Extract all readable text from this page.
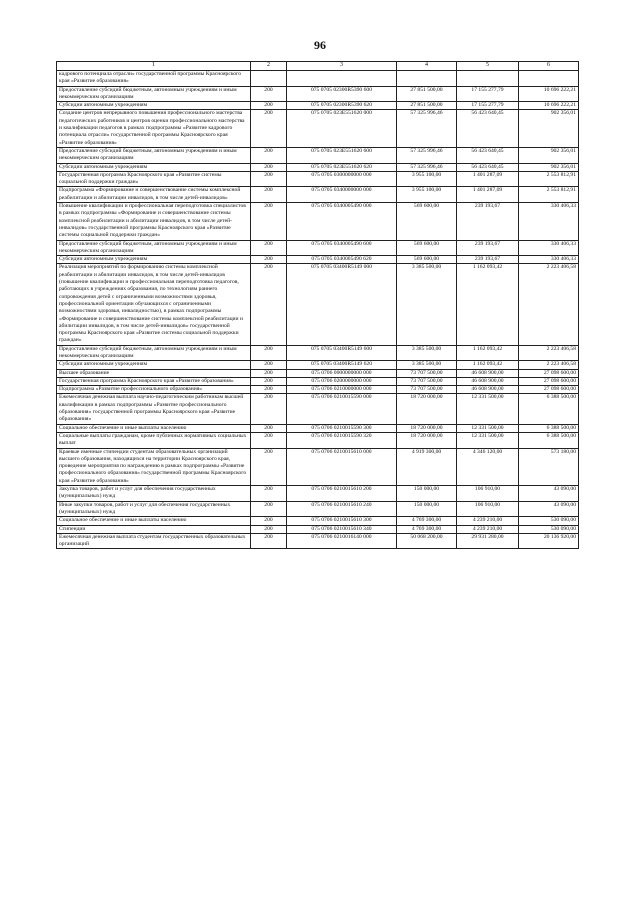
96
1	2	3	4	5	6
кадрового потенциала отрасли» государственной программы Красноярского края «Развитие образования»					
Предоставление субсидий бюджетным, автономным учреждениям и иным некоммерческим организациям	200	075 0705 02300R5390 600	27 851 500,00	17 155 277,79	10 696 222,21
Субсидии автономным учреждениям	200	075 0705 02300R5390 620	27 851 500,00	17 155 277,79	10 696 222,21
Создание центров непрерывного повышения профессионального мастерства педагогических работников и центров оценки профессионального мастерства и квалификации педагогов в рамках подпрограммы «Развитие кадрового потенциала отрасли» государственной программы Красноярского края «Развитие образования»	200	075 0705 023E551620 000	57 325 996,46	56 423 640,45	902 356,01
Предоставление субсидий бюджетным, автономным учреждениям и иным некоммерческим организациям	200	075 0705 023E551620 600	57 325 996,46	56 423 640,45	902 356,01
Субсидии автономным учреждениям	200	075 0705 023E551620 620	57 325 996,46	56 423 640,45	902 356,01
Государственная программа Красноярского края «Развитие системы социальной поддержки граждан»	200	075 0705 0300000000 000	3 955 100,00	1 401 287,09	2 553 812,91
Подпрограмма «Формирование и совершенствование системы комплексной реабилитации и абилитации инвалидов, в том числе детей-инвалидов»	200	075 0705 0340000000 000	3 955 100,00	1 401 287,09	2 553 812,91
Повышение квалификации и профессиональная переподготовка специалистов в рамках подпрограммы «Формирование и совершенствование системы комплексной реабилитации и абилитации инвалидов, в том числе детей-инвалидов» государственной программы Красноярского края «Развитие системы социальной поддержки граждан»	200	075 0705 0340005490 000	569 600,00	239 193,67	330 406,33
Предоставление субсидий бюджетным, автономным учреждениям и иным некоммерческим организациям	200	075 0705 0340005490 600	569 600,00	239 193,67	330 406,33
Субсидии автономным учреждениям	200	075 0705 0340005490 620	569 600,00	239 193,67	330 406,33
Реализация мероприятий по формированию системы комплексной реабилитации и абилитации инвалидов, в том числе детей-инвалидов (повышение квалификации и профессиональная переподготовка педагогов, работающих в учреждениях образования, по технологиям раннего сопровождения детей с ограниченными возможностями здоровья, профессиональной ориентации обучающихся с ограниченными возможностями здоровья, инвалидностью), в рамках подпрограммы «Формирование и совершенствование системы комплексной реабилитации и абилитации инвалидов, в том числе детей-инвалидов» государственной программы Красноярского края «Развитие системы социальной поддержки граждан»	200	075 0705 03400R5149 000	3 385 500,00	1 162 093,42	2 223 406,58
Предоставление субсидий бюджетным, автономным учреждениям и иным некоммерческим организациям	200	075 0705 03400R5149 600	3 385 500,00	1 162 093,42	2 223 406,58
Субсидии автономным учреждениям	200	075 0705 03400R5149 620	3 385 500,00	1 162 093,42	2 223 406,58
Высшее образование	200	075 0706 0000000000 000	73 707 500,00	46 608 900,00	27 098 600,00
Государственная программа Красноярского края «Развитие образования»	200	075 0706 0200000000 000	73 707 500,00	46 608 900,00	27 098 600,00
Подпрограмма «Развитие профессионального образования»	200	075 0706 0210000000 000	73 707 500,00	46 608 900,00	27 098 600,00
Ежемесячная денежная выплата научно-педагогическим работникам высшей квалификации в рамках подпрограммы «Развитие профессионального образования» государственной программы Красноярского края «Развитие образования»	200	075 0706 0210015590 000	18 720 000,00	12 331 500,00	6 388 500,00
Социальное обеспечение и иные выплаты населению	200	075 0706 0210015590 300	18 720 000,00	12 331 500,00	6 388 500,00
Социальные выплаты гражданам, кроме публичных нормативных социальных выплат	200	075 0706 0210015590 320	18 720 000,00	12 331 500,00	6 388 500,00
Краевые именные стипендии студентам образовательных организаций высшего образования, находящихся на территории Красноярского края, проведение мероприятия по награждению в рамках подпрограммы «Развитие профессионального образования» государственной программы Красноярского края «Развитие образования»	200	075 0706 0210015610 000	4 919 300,00	4 346 120,00	573 180,00
Закупка товаров, работ и услуг для обеспечения государственных (муниципальных) нужд	200	075 0706 0210015610 200	150 000,00	106 910,00	43 090,00
Иные закупки товаров, работ и услуг для обеспечения государственных (муниципальных) нужд	200	075 0706 0210015610 240	150 000,00	106 910,00	43 090,00
Социальное обеспечение и иные выплаты населению	200	075 0706 0210015610 300	4 769 300,00	4 239 210,00	530 090,00
Стипендии	200	075 0706 0210015610 340	4 769 300,00	4 239 210,00	530 090,00
Ежемесячная денежная выплата студентам государственных образовательных организаций	200	075 0706 0210016140 000	50 068 200,00	29 931 280,00	20 136 920,00
